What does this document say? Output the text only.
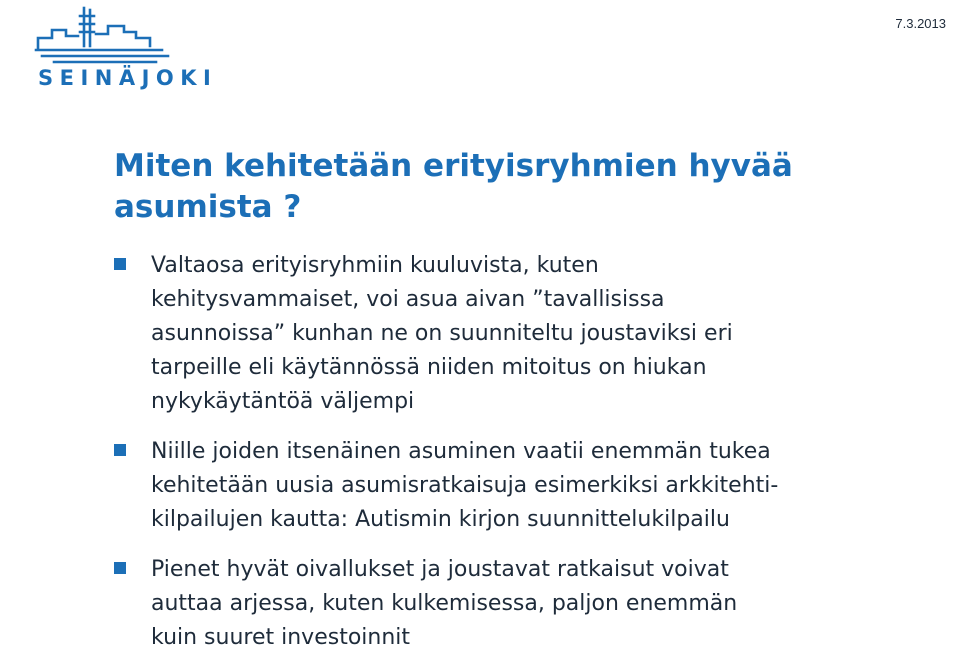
SEINÄJOKI
7.3.2013
Miten kehitetään erityisryhmien hyvää
asumista ?
Valtaosa erityisryhmiin kuuluvista, kuten
kehitysvammaiset, voi asua aivan ”tavallisissa
asunnoissa” kunhan ne on suunniteltu joustaviksi eri
tarpeille eli käytännössä niiden mitoitus on hiukan
nykykäytäntöä väljempi
Niille joiden itsenäinen asuminen vaatii enemmän tukea
kehitetään uusia asumisratkaisuja esimerkiksi arkkitehti-
kilpailujen kautta: Autismin kirjon suunnittelukilpailu
Pienet hyvät oivallukset ja joustavat ratkaisut voivat
auttaa arjessa, kuten kulkemisessa, paljon enemmän
kuin suuret investoinnit
